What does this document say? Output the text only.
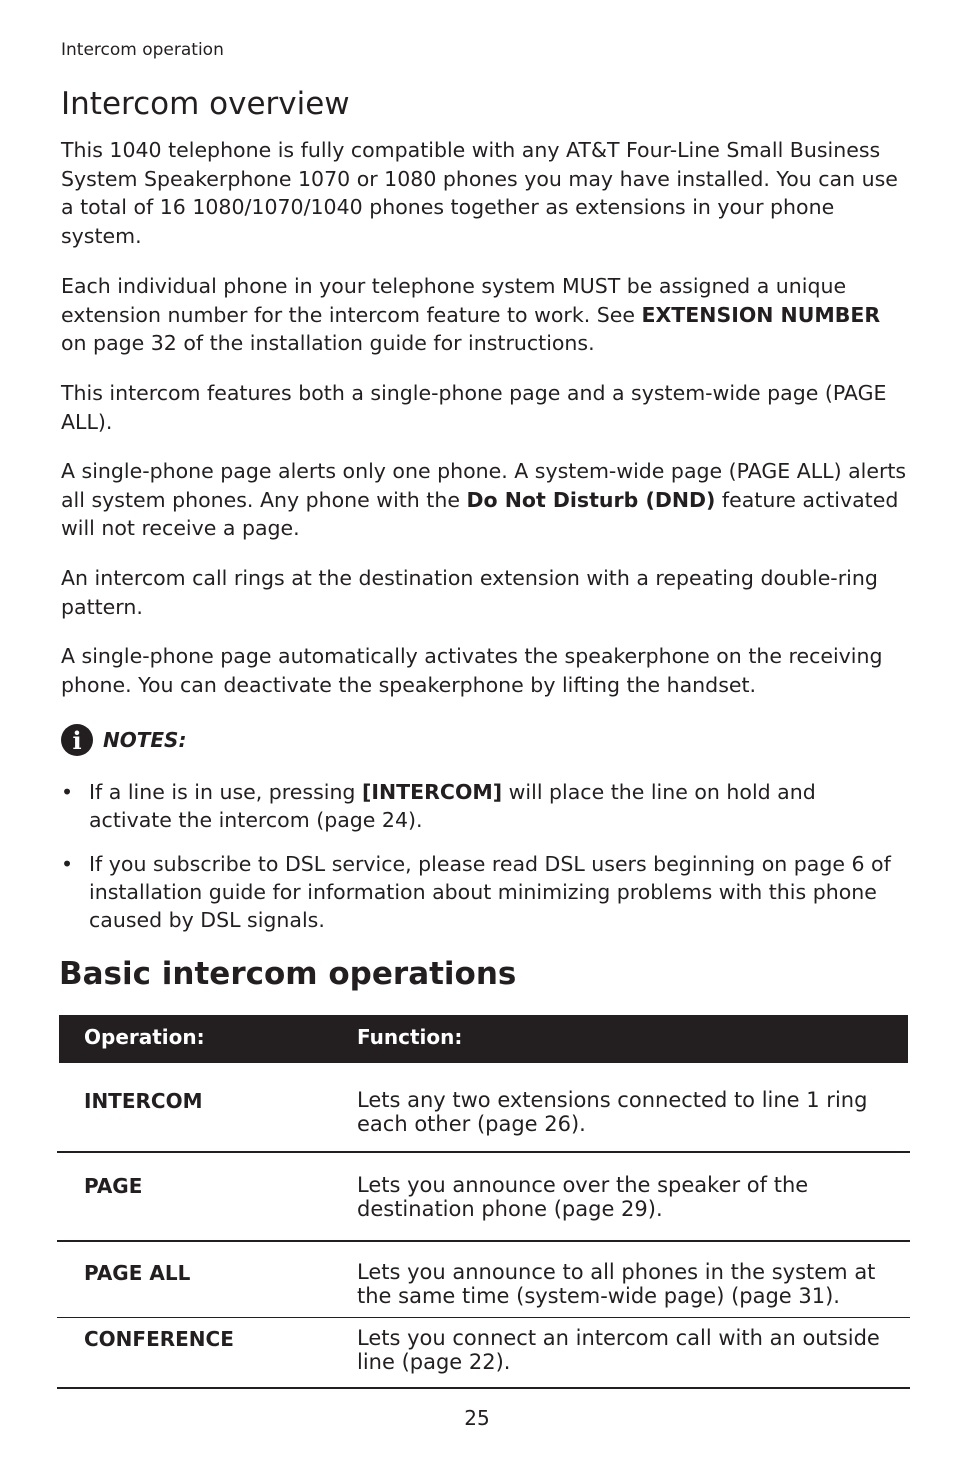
Intercom operation
Intercom overview

This 1040 telephone is fully compatible with any AT&T Four-Line Small Business System Speakerphone 1070 or 1080 phones you may have installed. You can use a total of 16 1080/1070/1040 phones together as extensions in your phone system.

Each individual phone in your telephone system MUST be assigned a unique extension number for the intercom feature to work. See EXTENSION NUMBER on page 32 of the installation guide for instructions.

This intercom features both a single-phone page and a system-wide page (PAGE ALL).

A single-phone page alerts only one phone. A system-wide page (PAGE ALL) alerts all system phones. Any phone with the Do Not Disturb (DND) feature activated will not receive a page.

An intercom call rings at the destination extension with a repeating double-ring pattern.

A single-phone page automatically activates the speakerphone on the receiving phone. You can deactivate the speakerphone by lifting the handset.

i	NOTES:
• If a line is in use, pressing [INTERCOM] will place the line on hold and activate the intercom (page 24).
• If you subscribe to DSL service, please read DSL users beginning on page 6 of installation guide for information about minimizing problems with this phone caused by DSL signals.
Basic intercom operations
Operation:	Function:
INTERCOM	Lets any two extensions connected to line 1 ring each other (page 26).
PAGE	Lets you announce over the speaker of the destination phone (page 29).
PAGE ALL	Lets you announce to all phones in the system at the same time (system-wide page) (page 31).
CONFERENCE	Lets you connect an intercom call with an outside line (page 22).
25
